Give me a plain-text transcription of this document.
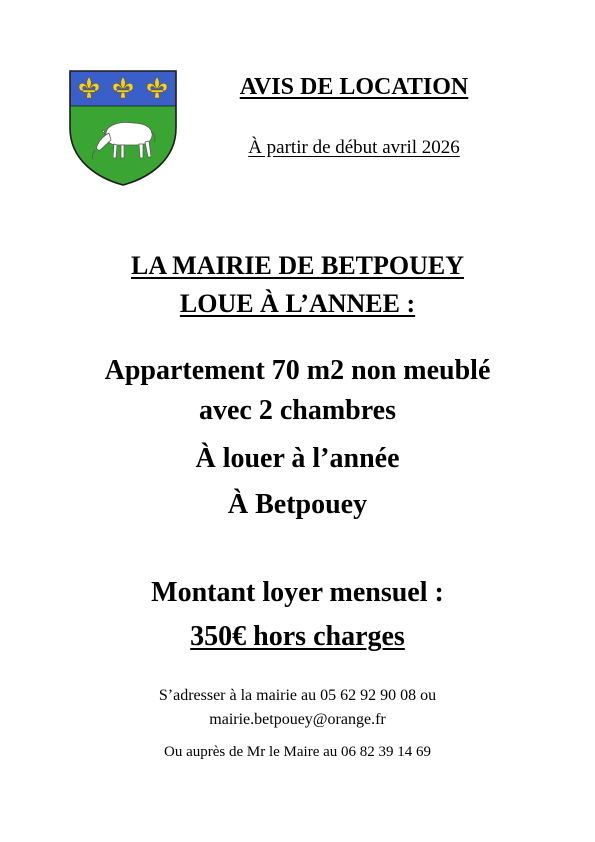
AVIS DE LOCATION
À partir de début avril 2026
LA MAIRIE DE BETPOUEY
LOUE À L’ANNEE :
Appartement 70 m2 non meublé
avec 2 chambres
À louer à l’année
À Betpouey
Montant loyer mensuel :
350€ hors charges
S’adresser à la mairie au 05 62 92 90 08 ou
mairie.betpouey@orange.fr
Ou auprès de Mr le Maire au 06 82 39 14 69
